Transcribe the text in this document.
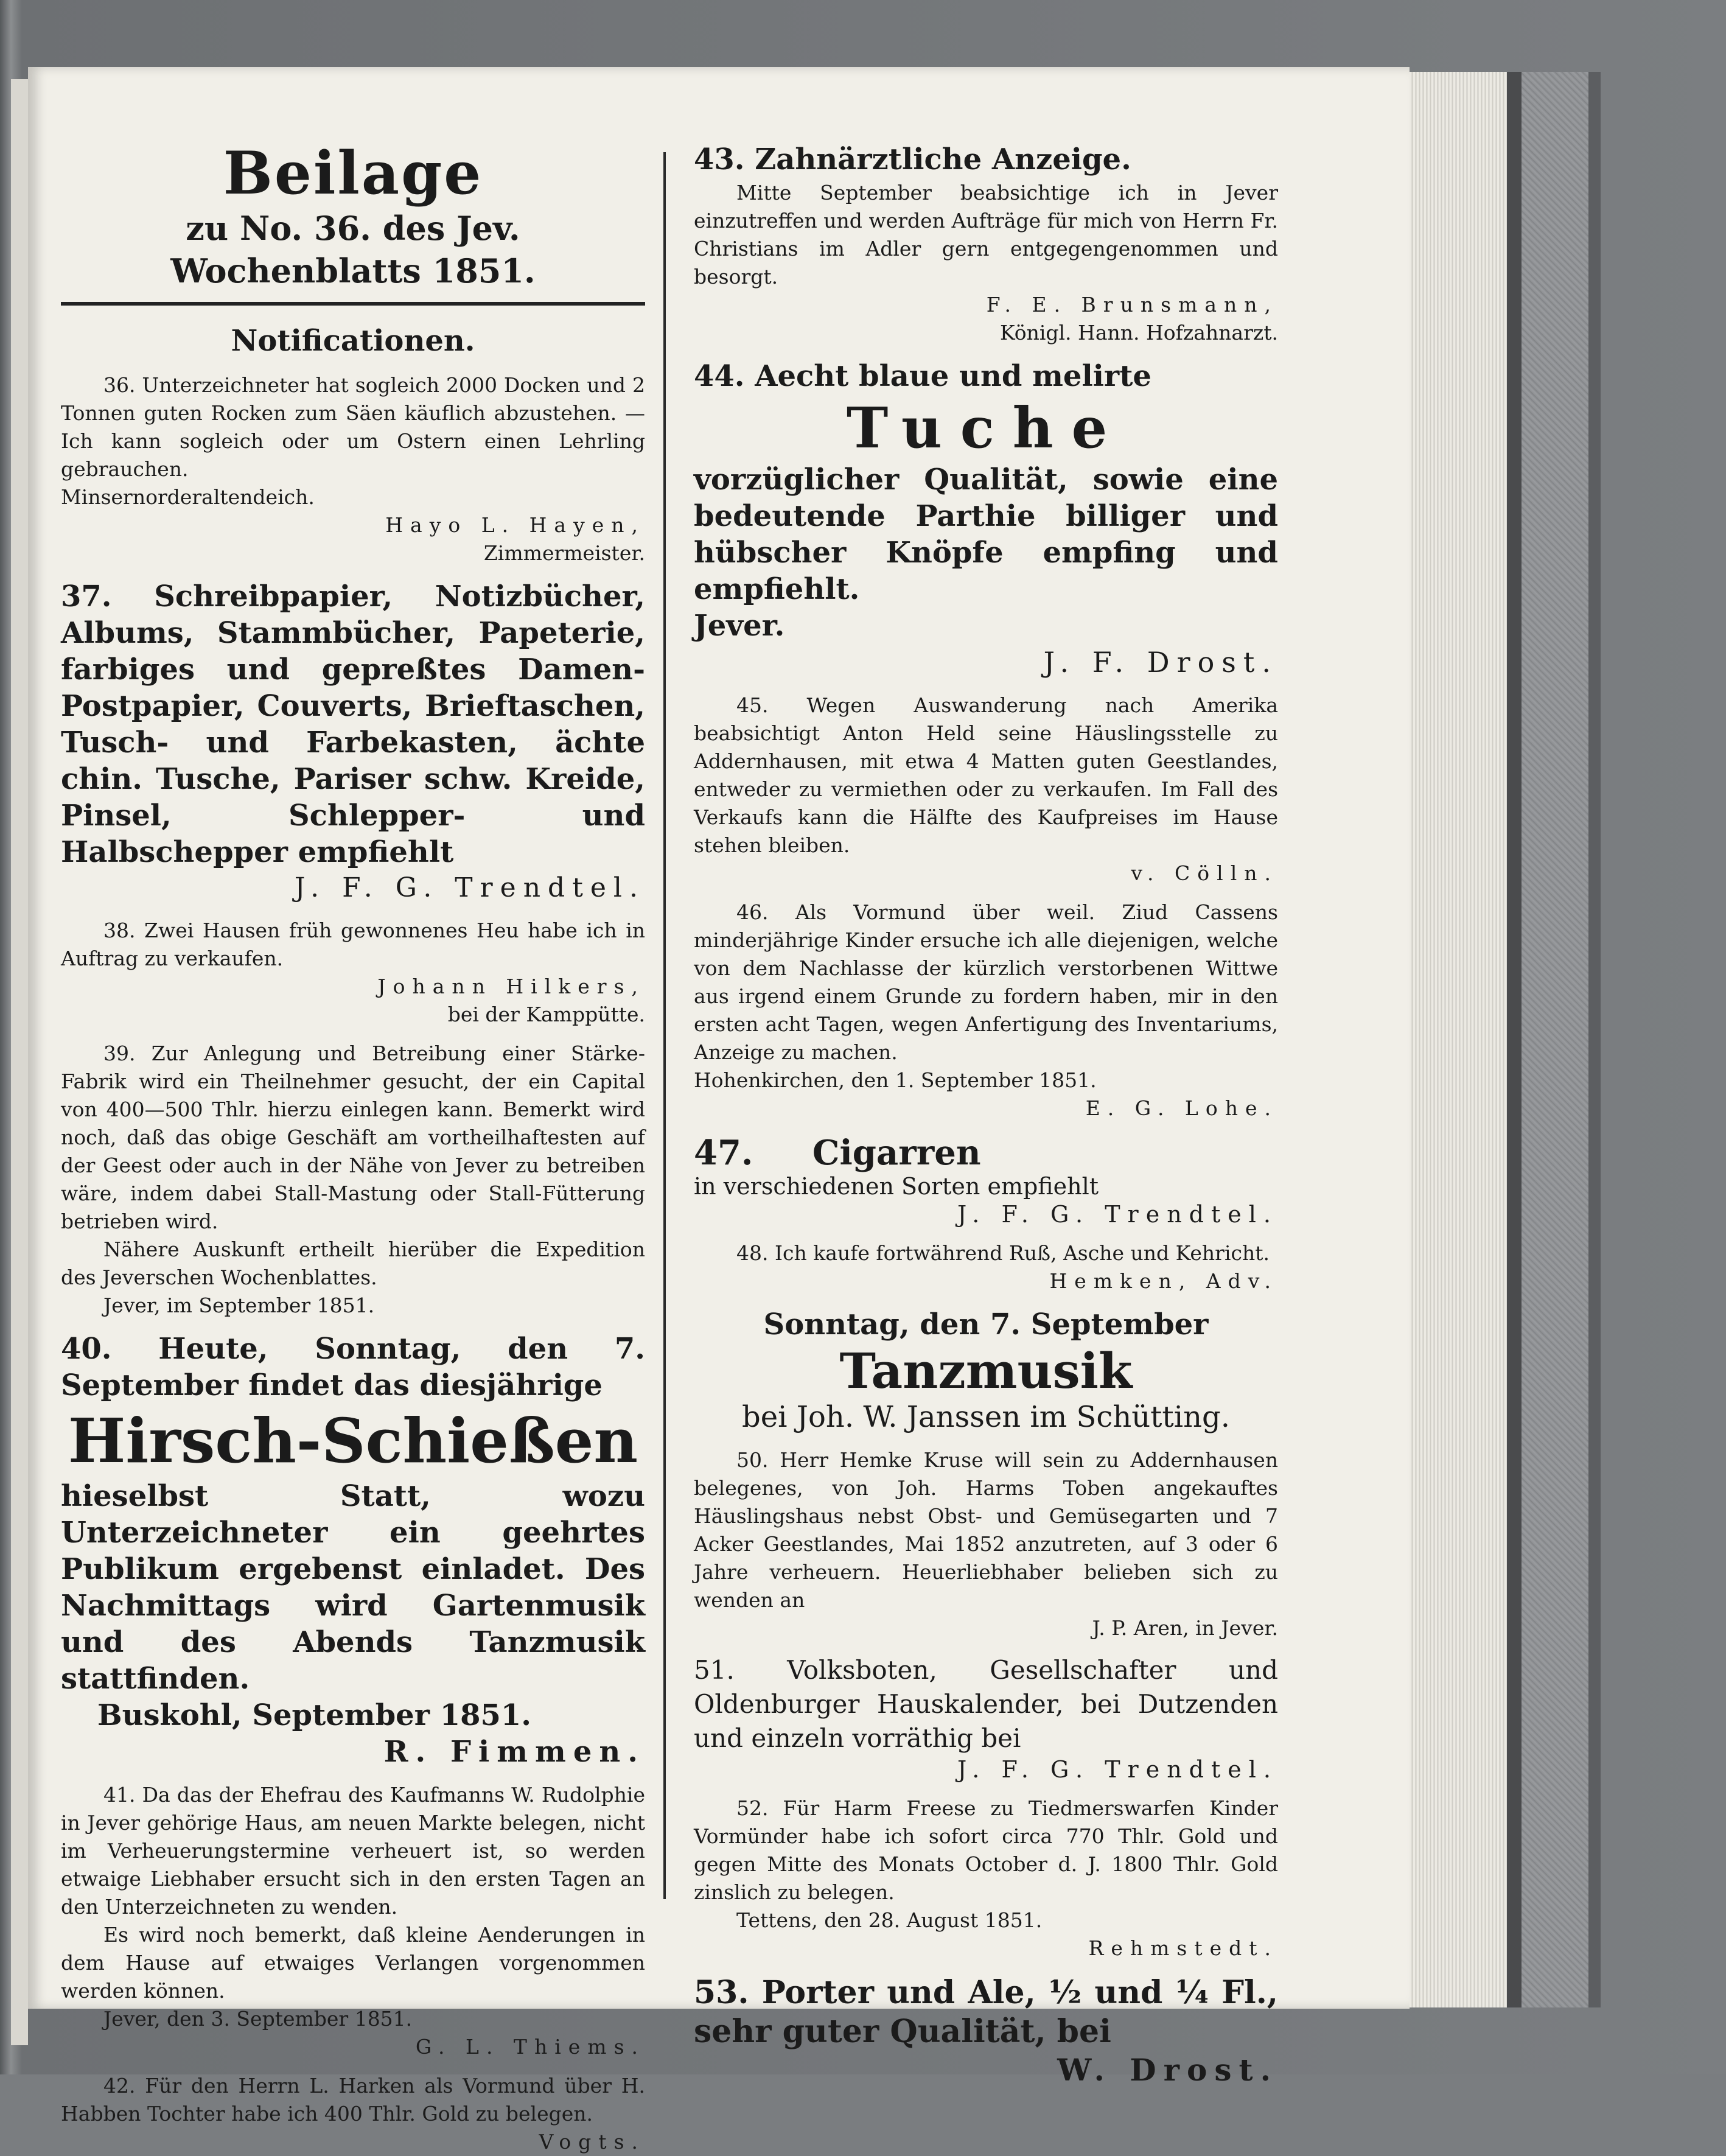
Beilage

zu No. 36. des Jev. Wochenblatts 1851.

Notificationen.

36. Unterzeichneter hat sogleich 2000 Docken und 2 Tonnen guten Rocken zum Säen käuflich abzustehen. — Ich kann sogleich oder um Ostern einen Lehrling gebrauchen.

Minsernorderaltendeich.

Hayo L. Hayen,

Zimmermeister.

37. Schreibpapier, Notizbücher, Albums, Stammbücher, Papeterie, farbiges und gepreßtes Damen-Postpapier, Couverts, Brieftaschen, Tusch- und Farbekasten, ächte chin. Tusche, Pariser schw. Kreide, Pinsel, Schlepper- und Halbschepper empfiehlt

J. F. G. Trendtel.

38. Zwei Hausen früh gewonnenes Heu habe ich in Auftrag zu verkaufen.

Johann Hilkers,

bei der Kamppütte.

39. Zur Anlegung und Betreibung einer Stärke-Fabrik wird ein Theilnehmer gesucht, der ein Capital von 400—500 Thlr. hierzu einlegen kann. Bemerkt wird noch, daß das obige Geschäft am vortheilhaftesten auf der Geest oder auch in der Nähe von Jever zu betreiben wäre, indem dabei Stall-Mastung oder Stall-Fütterung betrieben wird.

Nähere Auskunft ertheilt hierüber die Expedition des Jeverschen Wochenblattes.

Jever, im September 1851.

40. Heute, Sonntag, den 7. September findet das diesjährige

Hirsch-Schießen

hieselbst Statt, wozu Unterzeichneter ein geehrtes Publikum ergebenst einladet. Des Nachmittags wird Gartenmusik und des Abends Tanzmusik stattfinden.

Buskohl, September 1851.

R. Fimmen.

41. Da das der Ehefrau des Kaufmanns W. Rudolphie in Jever gehörige Haus, am neuen Markte belegen, nicht im Verheuerungstermine verheuert ist, so werden etwaige Liebhaber ersucht sich in den ersten Tagen an den Unterzeichneten zu wenden.

Es wird noch bemerkt, daß kleine Aenderungen in dem Hause auf etwaiges Verlangen vorgenommen werden können.

Jever, den 3. September 1851.

G. L. Thiems.

42. Für den Herrn L. Harken als Vormund über H. Habben Tochter habe ich 400 Thlr. Gold zu belegen.

Vogts.

43. Zahnärztliche Anzeige.

Mitte September beabsichtige ich in Jever einzutreffen und werden Aufträge für mich von Herrn Fr. Christians im Adler gern entgegengenommen und besorgt.

F. E. Brunsmann,

Königl. Hann. Hofzahnarzt.

44. Aecht blaue und melirte

Tuche

vorzüglicher Qualität, sowie eine bedeutende Parthie billiger und hübscher Knöpfe empfing und empfiehlt.

Jever.

J. F. Drost.

45. Wegen Auswanderung nach Amerika beabsichtigt Anton Held seine Häuslingsstelle zu Addernhausen, mit etwa 4 Matten guten Geestlandes, entweder zu vermiethen oder zu verkaufen. Im Fall des Verkaufs kann die Hälfte des Kaufpreises im Hause stehen bleiben.

v. Cölln.

46. Als Vormund über weil. Ziud Cassens minderjährige Kinder ersuche ich alle diejenigen, welche von dem Nachlasse der kürzlich verstorbenen Wittwe aus irgend einem Grunde zu fordern haben, mir in den ersten acht Tagen, wegen Anfertigung des Inventariums, Anzeige zu machen.

Hohenkirchen, den 1. September 1851.

E. G. Lohe.

47. Cigarren

in verschiedenen Sorten empfiehlt

J. F. G. Trendtel.

48. Ich kaufe fortwährend Ruß, Asche und Kehricht.

Hemken, Adv.

Sonntag, den 7. September

Tanzmusik

bei Joh. W. Janssen im Schütting.

50. Herr Hemke Kruse will sein zu Addernhausen belegenes, von Joh. Harms Toben angekauftes Häuslingshaus nebst Obst- und Gemüsegarten und 7 Acker Geestlandes, Mai 1852 anzutreten, auf 3 oder 6 Jahre verheuern. Heuerliebhaber belieben sich zu wenden an

J. P. Aren, in Jever.

51. Volksboten, Gesellschafter und Oldenburger Hauskalender, bei Dutzenden und einzeln vorräthig bei

J. F. G. Trendtel.

52. Für Harm Freese zu Tiedmerswarfen Kinder Vormünder habe ich sofort circa 770 Thlr. Gold und gegen Mitte des Monats October d. J. 1800 Thlr. Gold zinslich zu belegen.

Tettens, den 28. August 1851.

Rehmstedt.

53. Porter und Ale, ½ und ¼ Fl., sehr guter Qualität, bei

W. Drost.
